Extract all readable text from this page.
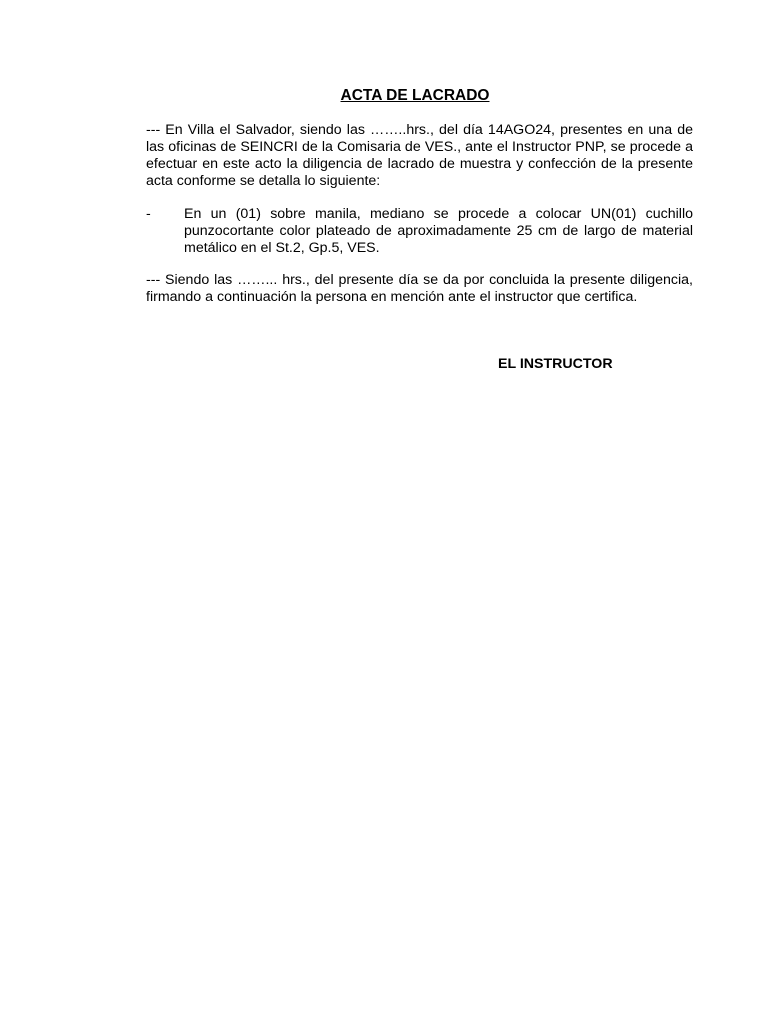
ACTA DE LACRADO

--- En Villa el Salvador, siendo las ……..hrs., del día 14AGO24, presentes en una de las oficinas de SEINCRI de la Comisaria de VES., ante el Instructor PNP, se procede a efectuar en este acto la diligencia de lacrado de muestra y confección de la presente acta conforme se detalla lo siguiente:

- En un (01) sobre manila, mediano se procede a colocar UN(01) cuchillo punzocortante color plateado de aproximadamente 25 cm de largo de material metálico en el St.2, Gp.5, VES.

--- Siendo las ……... hrs., del presente día se da por concluida la presente diligencia, firmando a continuación la persona en mención ante el instructor que certifica.

EL INSTRUCTOR
